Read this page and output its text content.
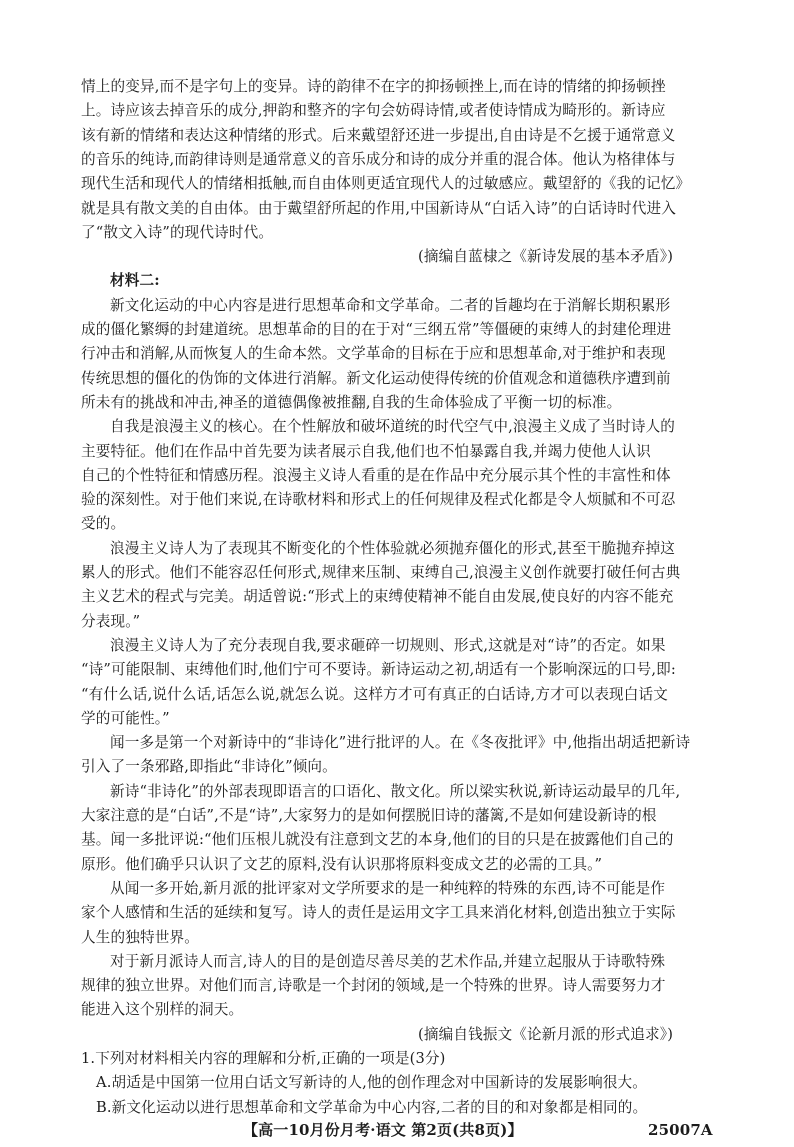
情上的变异,而不是字句上的变异。诗的韵律不在字的抑扬顿挫上,而在诗的情绪的抑扬顿挫
上。诗应该去掉音乐的成分,押韵和整齐的字句会妨碍诗情,或者使诗情成为畸形的。新诗应
该有新的情绪和表达这种情绪的形式。后来戴望舒还进一步提出,自由诗是不乞援于通常意义
的音乐的纯诗,而韵律诗则是通常意义的音乐成分和诗的成分并重的混合体。他认为格律体与
现代生活和现代人的情绪相抵触,而自由体则更适宜现代人的过敏感应。戴望舒的《我的记忆》
就是具有散文美的自由体。由于戴望舒所起的作用,中国新诗从“白话入诗”的白话诗时代进入
了“散文入诗”的现代诗时代。
(摘编自蓝棣之《新诗发展的基本矛盾》)
材料二:
新文化运动的中心内容是进行思想革命和文学革命。二者的旨趣均在于消解长期积累形
成的僵化繁缛的封建道统。思想革命的目的在于对“三纲五常”等僵硬的束缚人的封建伦理进
行冲击和消解,从而恢复人的生命本然。文学革命的目标在于应和思想革命,对于维护和表现
传统思想的僵化的伪饰的文体进行消解。新文化运动使得传统的价值观念和道德秩序遭到前
所未有的挑战和冲击,神圣的道德偶像被推翻,自我的生命体验成了平衡一切的标准。
自我是浪漫主义的核心。在个性解放和破坏道统的时代空气中,浪漫主义成了当时诗人的
主要特征。他们在作品中首先要为读者展示自我,他们也不怕暴露自我,并竭力使他人认识
自己的个性特征和情感历程。浪漫主义诗人看重的是在作品中充分展示其个性的丰富性和体
验的深刻性。对于他们来说,在诗歌材料和形式上的任何规律及程式化都是令人烦腻和不可忍
受的。
浪漫主义诗人为了表现其不断变化的个性体验就必须抛弃僵化的形式,甚至干脆抛弃掉这
累人的形式。他们不能容忍任何形式,规律来压制、束缚自己,浪漫主义创作就要打破任何古典
主义艺术的程式与完美。胡适曾说:“形式上的束缚使精神不能自由发展,使良好的内容不能充
分表现。”
浪漫主义诗人为了充分表现自我,要求砸碎一切规则、形式,这就是对“诗”的否定。如果
“诗”可能限制、束缚他们时,他们宁可不要诗。新诗运动之初,胡适有一个影响深远的口号,即:
“有什么话,说什么话,话怎么说,就怎么说。这样方才可有真正的白话诗,方才可以表现白话文
学的可能性。”
闻一多是第一个对新诗中的“非诗化”进行批评的人。在《冬夜批评》中,他指出胡适把新诗
引入了一条邪路,即指此“非诗化”倾向。
新诗“非诗化”的外部表现即语言的口语化、散文化。所以梁实秋说,新诗运动最早的几年,
大家注意的是“白话”,不是“诗”,大家努力的是如何摆脱旧诗的藩篱,不是如何建设新诗的根
基。闻一多批评说:“他们压根儿就没有注意到文艺的本身,他们的目的只是在披露他们自己的
原形。他们确乎只认识了文艺的原料,没有认识那将原料变成文艺的必需的工具。”
从闻一多开始,新月派的批评家对文学所要求的是一种纯粹的特殊的东西,诗不可能是作
家个人感情和生活的延续和复写。诗人的责任是运用文字工具来消化材料,创造出独立于实际
人生的独特世界。
对于新月派诗人而言,诗人的目的是创造尽善尽美的艺术作品,并建立起服从于诗歌特殊
规律的独立世界。对他们而言,诗歌是一个封闭的领域,是一个特殊的世界。诗人需要努力才
能进入这个别样的洞天。
(摘编自钱振文《论新月派的形式追求》)
1.下列对材料相关内容的理解和分析,正确的一项是(3分)
A.胡适是中国第一位用白话文写新诗的人,他的创作理念对中国新诗的发展影响很大。
B.新文化运动以进行思想革命和文学革命为中心内容,二者的目的和对象都是相同的。
【高一10月份月考·语文 第2页(共8页)】	25007A
